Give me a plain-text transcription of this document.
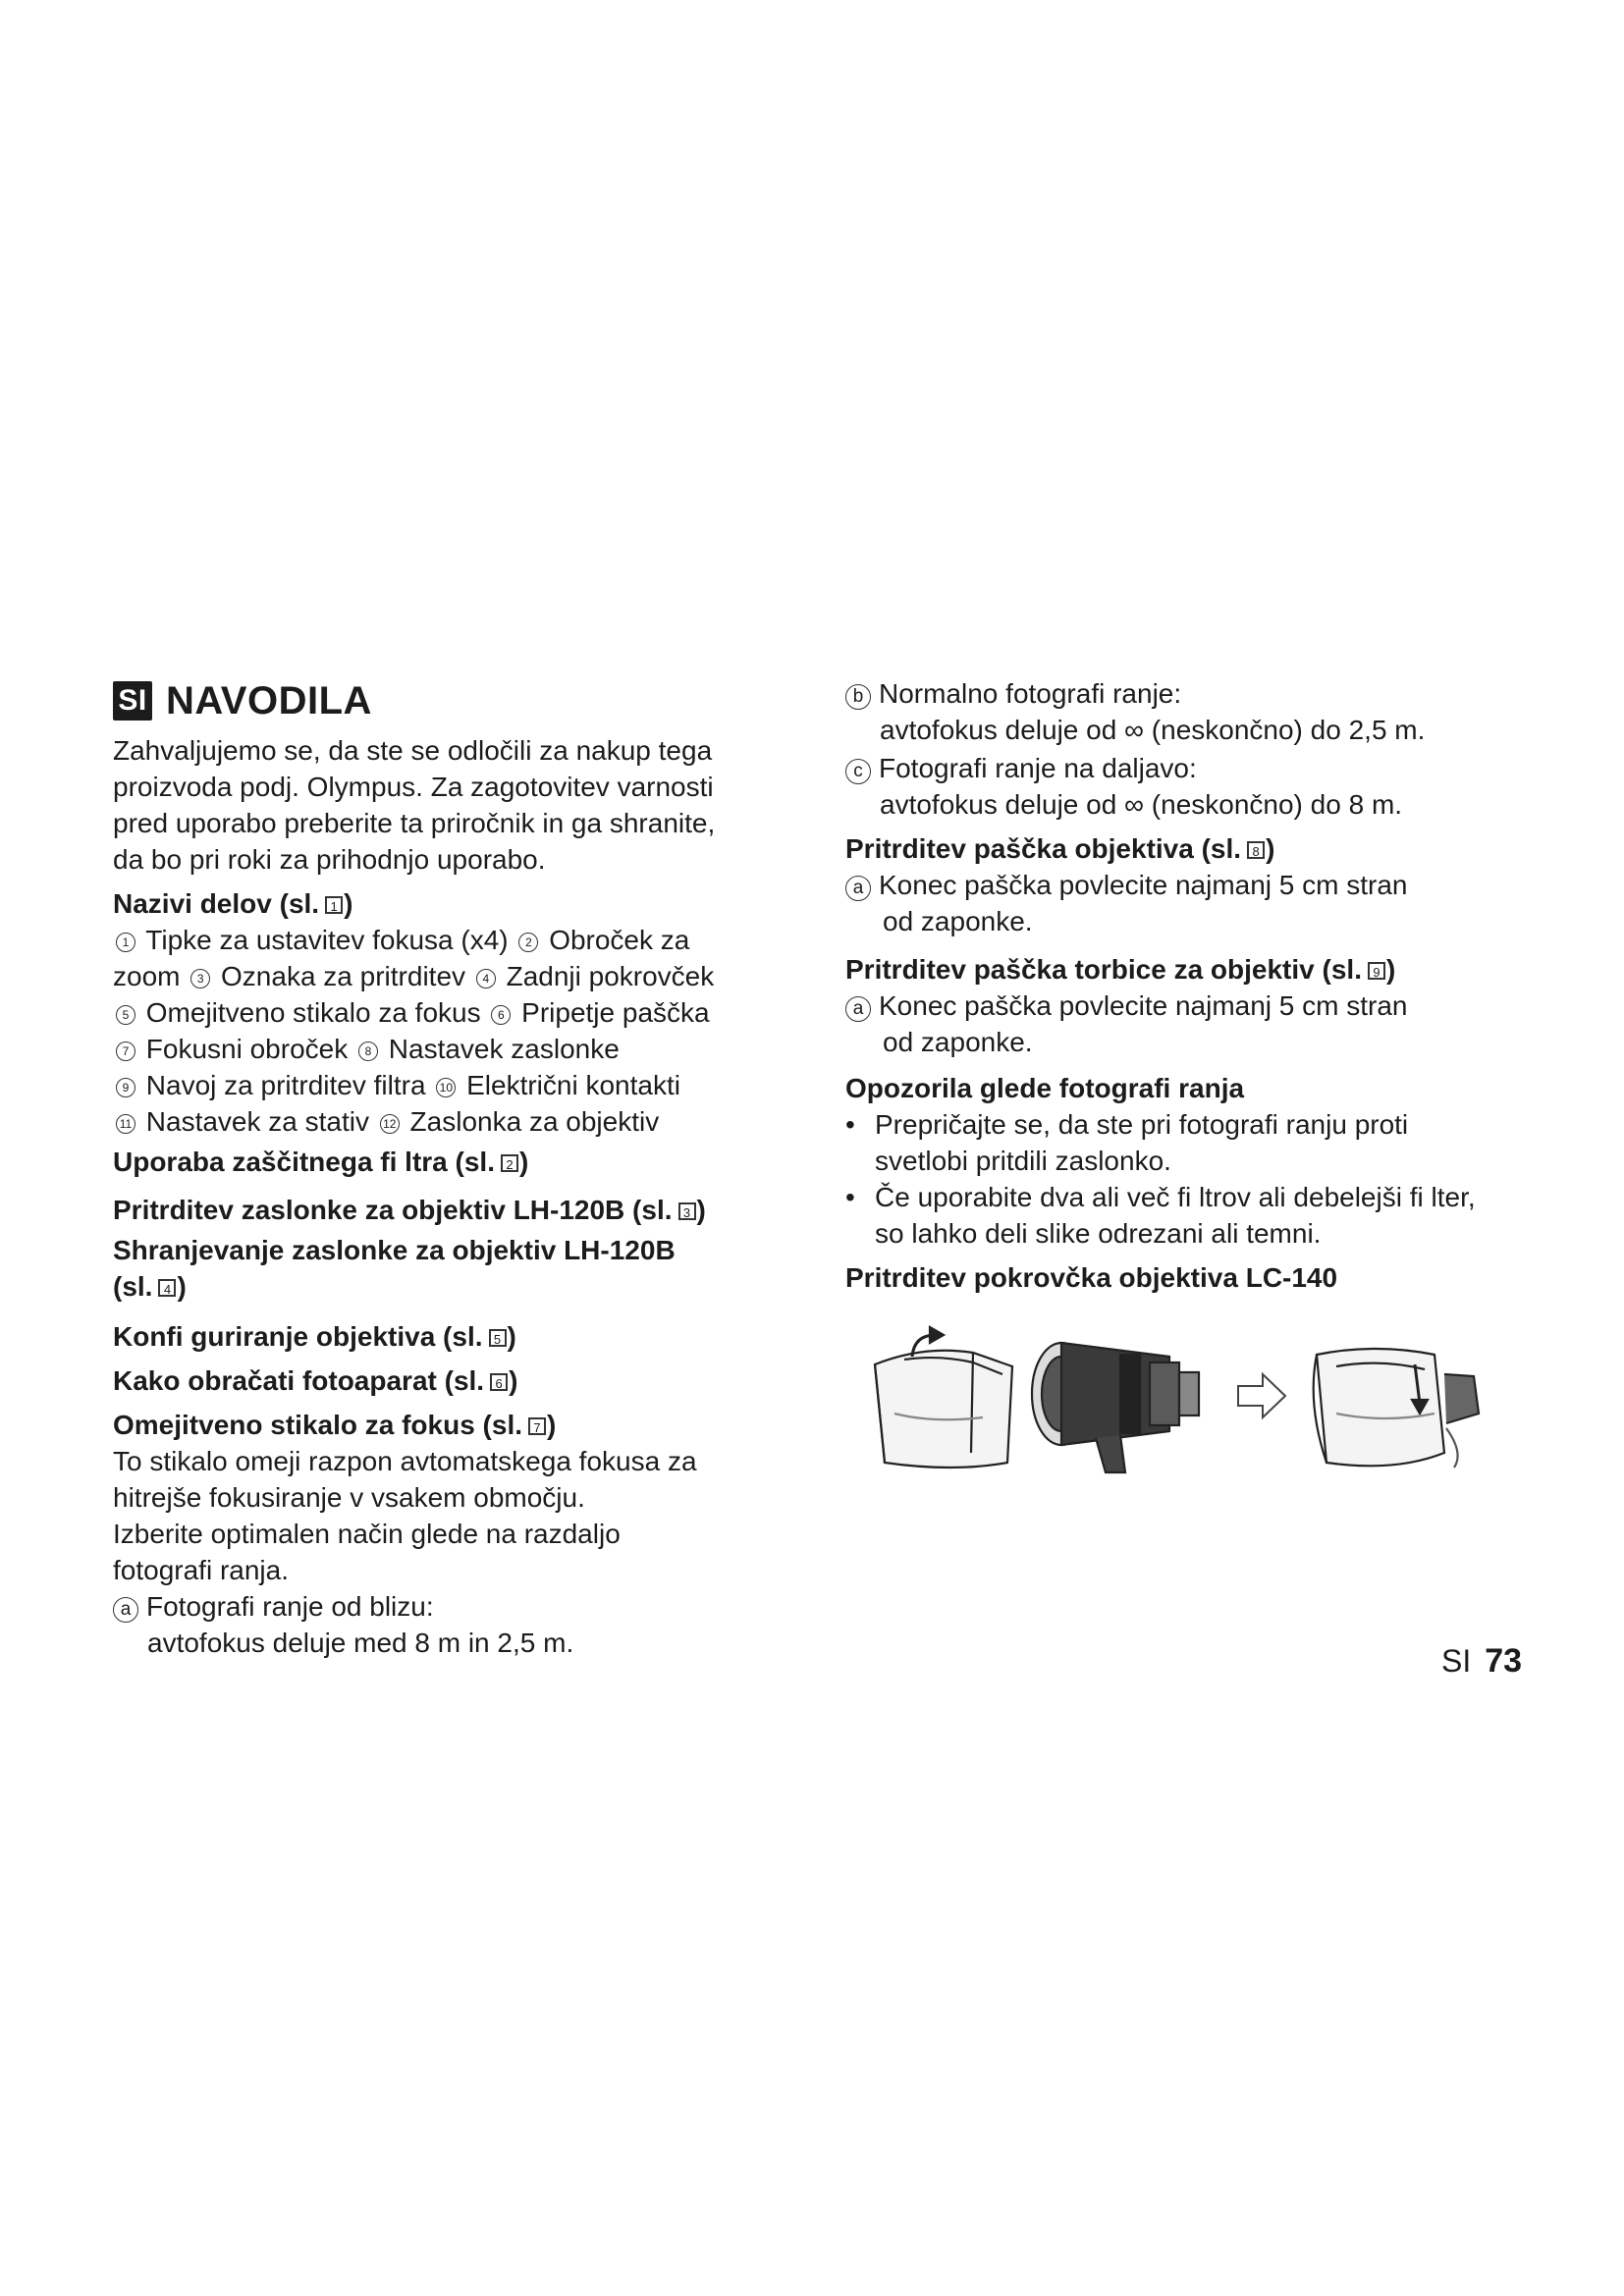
SI NAVODILA

Zahvaljujemo se, da ste se odločili za nakup tega

proizvoda podj. Olympus. Za zagotovitev varnosti

pred uporabo preberite ta priročnik in ga shranite,

da bo pri roki za prihodnjo uporabo.

Nazivi delov (sl. 1 )

1 Tipke za ustavitev fokusa (x4) 2 Obroček za

zoom 3 Oznaka za pritrditev 4 Zadnji pokrovček

5 Omejitveno stikalo za fokus 6 Pripetje paščka

7 Fokusni obroček 8 Nastavek zaslonke

9 Navoj za pritrditev filtra 10 Električni kontakti

11 Nastavek za stativ 12 Zaslonka za objektiv

Uporaba zaščitnega fi ltra (sl. 2 )

Pritrditev zaslonke za objektiv LH-120B (sl. 3 )

Shranjevanje zaslonke za objektiv LH-120B

(sl. 4 )

Konfi guriranje objektiva (sl. 5 )

Kako obračati fotoaparat (sl. 6 )

Omejitveno stikalo za fokus (sl. 7 )

To stikalo omeji razpon avtomatskega fokusa za

hitrejše fokusiranje v vsakem območju.

Izberite optimalen način glede na razdaljo

fotografi ranja.

a Fotografi ranje od blizu:

avtofokus deluje med 8 m in 2,5 m.

b Normalno fotografi ranje:

avtofokus deluje od ∞ (neskončno) do 2,5 m.

c Fotografi ranje na daljavo:

avtofokus deluje od ∞ (neskončno) do 8 m.

Pritrditev paščka objektiva (sl. 8 )

a Konec paščka povlecite najmanj 5 cm stran

od zaponke.

Pritrditev paščka torbice za objektiv (sl. 9 )

a Konec paščka povlecite najmanj 5 cm stran

od zaponke.

Opozorila glede fotografi ranja

• Prepričajte se, da ste pri fotografi ranju proti

svetlobi pritdili zaslonko.

• Če uporabite dva ali več fi ltrov ali debelejši fi lter,

so lahko deli slike odrezani ali temni.

Pritrditev pokrovčka objektiva LC-140

SI 73
